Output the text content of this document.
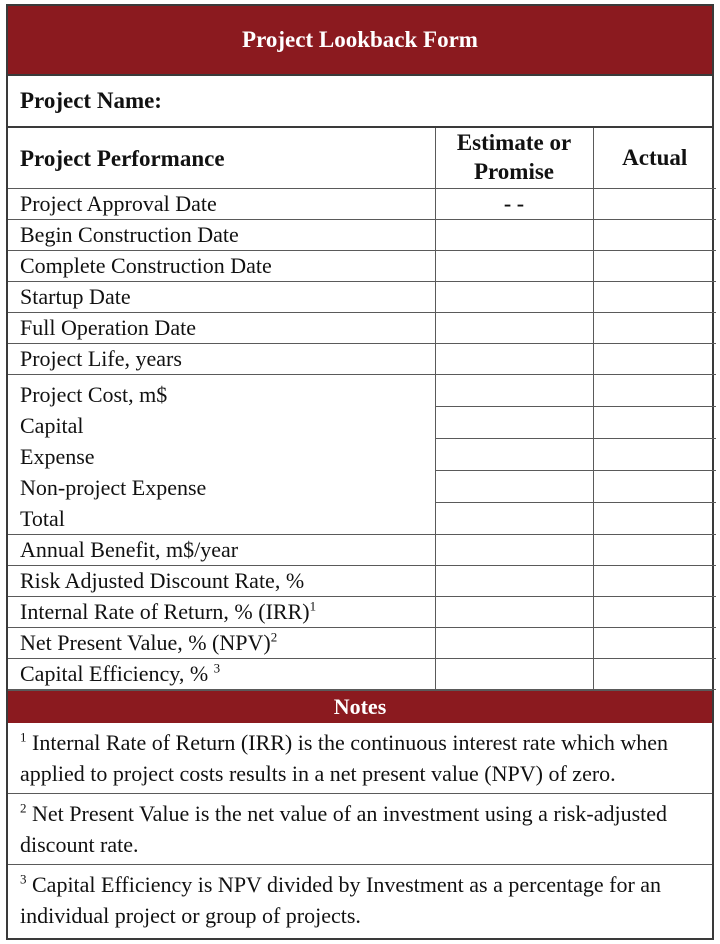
Project Lookback Form
Project Name:
Project Performance	Estimate or Promise	Actual
Project Approval Date	- -	
Begin Construction Date		
Complete Construction Date		
Startup Date		
Full Operation Date		
Project Life, years		

Project Cost, m$
Capital
Expense
Non-project Expense
Total		

Annual Benefit, m$/year		
Risk Adjusted Discount Rate, %		
Internal Rate of Return, % (IRR)$^1$		
Net Present Value, % (NPV)$^2$		
Capital Efficiency, % $^3$		
Notes
$^1$ Internal Rate of Return (IRR) is the continuous interest rate which when applied to project costs results in a net present value (NPV) of zero.
$^2$ Net Present Value is the net value of an investment using a risk-adjusted discount rate.
$^3$ Capital Efficiency is NPV divided by Investment as a percentage for an individual project or group of projects.
